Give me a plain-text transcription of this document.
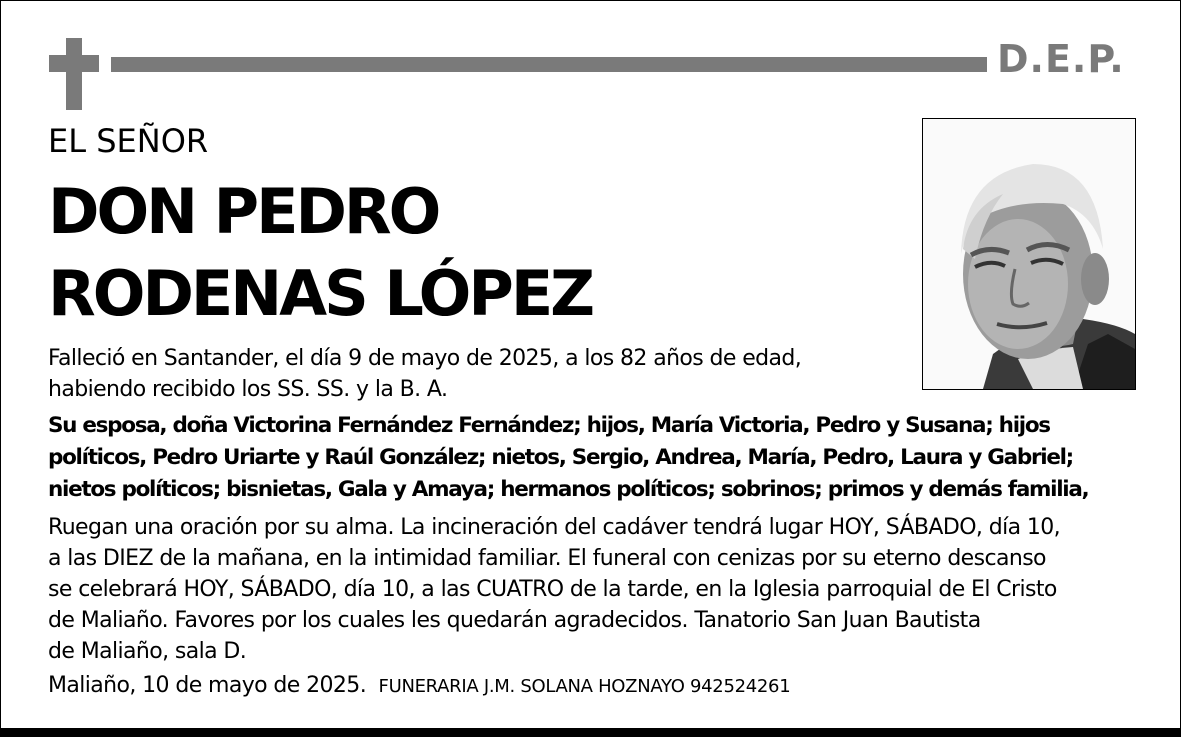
D.E.P.
EL SEÑOR
DON PEDRO
RODENAS LÓPEZ
Falleció en Santander, el día 9 de mayo de 2025, a los 82 años de edad,
habiendo recibido los SS. SS. y la B. A.
Su esposa, doña Victorina Fernández Fernández; hijos, María Victoria, Pedro y Susana; hijos
políticos, Pedro Uriarte y Raúl González; nietos, Sergio, Andrea, María, Pedro, Laura y Gabriel;
nietos políticos; bisnietas, Gala y Amaya; hermanos políticos; sobrinos; primos y demás familia,
Ruegan una oración por su alma. La incineración del cadáver tendrá lugar HOY, SÁBADO, día 10,
a las DIEZ de la mañana, en la intimidad familiar. El funeral con cenizas por su eterno descanso
se celebrará HOY, SÁBADO, día 10, a las CUATRO de la tarde, en la Iglesia parroquial de El Cristo
de Maliaño. Favores por los cuales les quedarán agradecidos. Tanatorio San Juan Bautista
de Maliaño, sala D.
Maliaño, 10 de mayo de 2025. FUNERARIA J.M. SOLANA HOZNAYO 942524261
